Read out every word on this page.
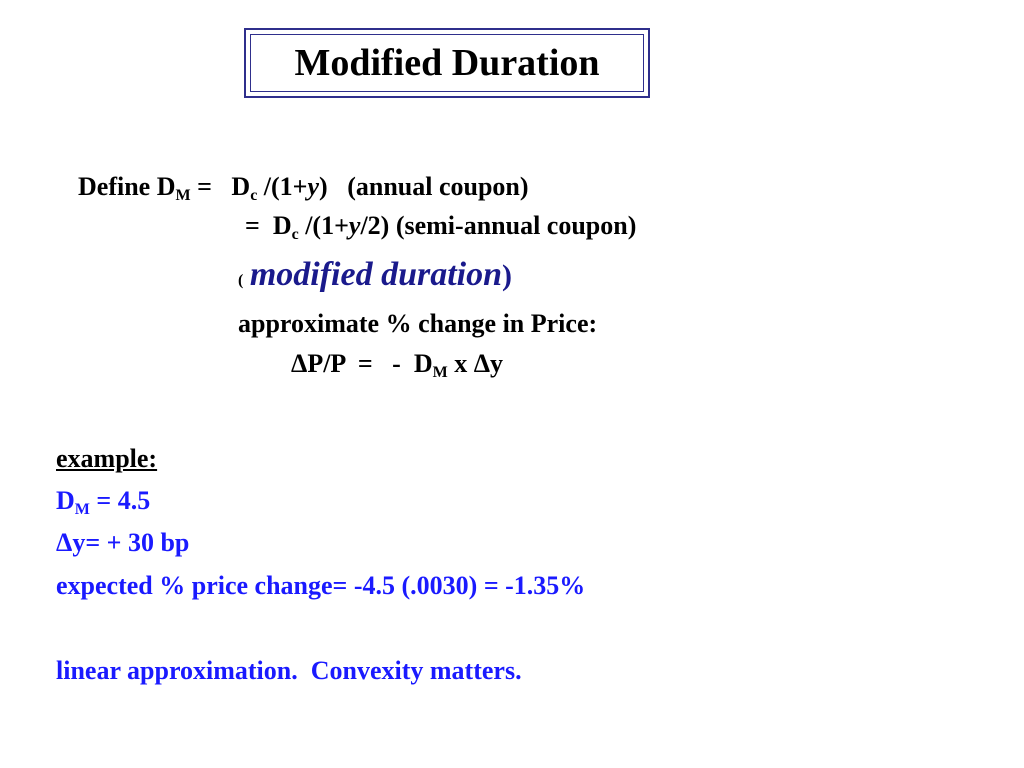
Modified Duration
Define $D_M = D_c$ /(1+y)   (annual coupon)
=  $D_c$ /(1+y/2) (semi-annual coupon)
( modified duration)
approximate % change in Price:
ΔP/P  =   -  $D_M$ x Δy
example:
$D_M = 4.5$
Δy= + 30 bp
expected % price change= -4.5 (.0030) = -1.35%
linear approximation.  Convexity matters.
